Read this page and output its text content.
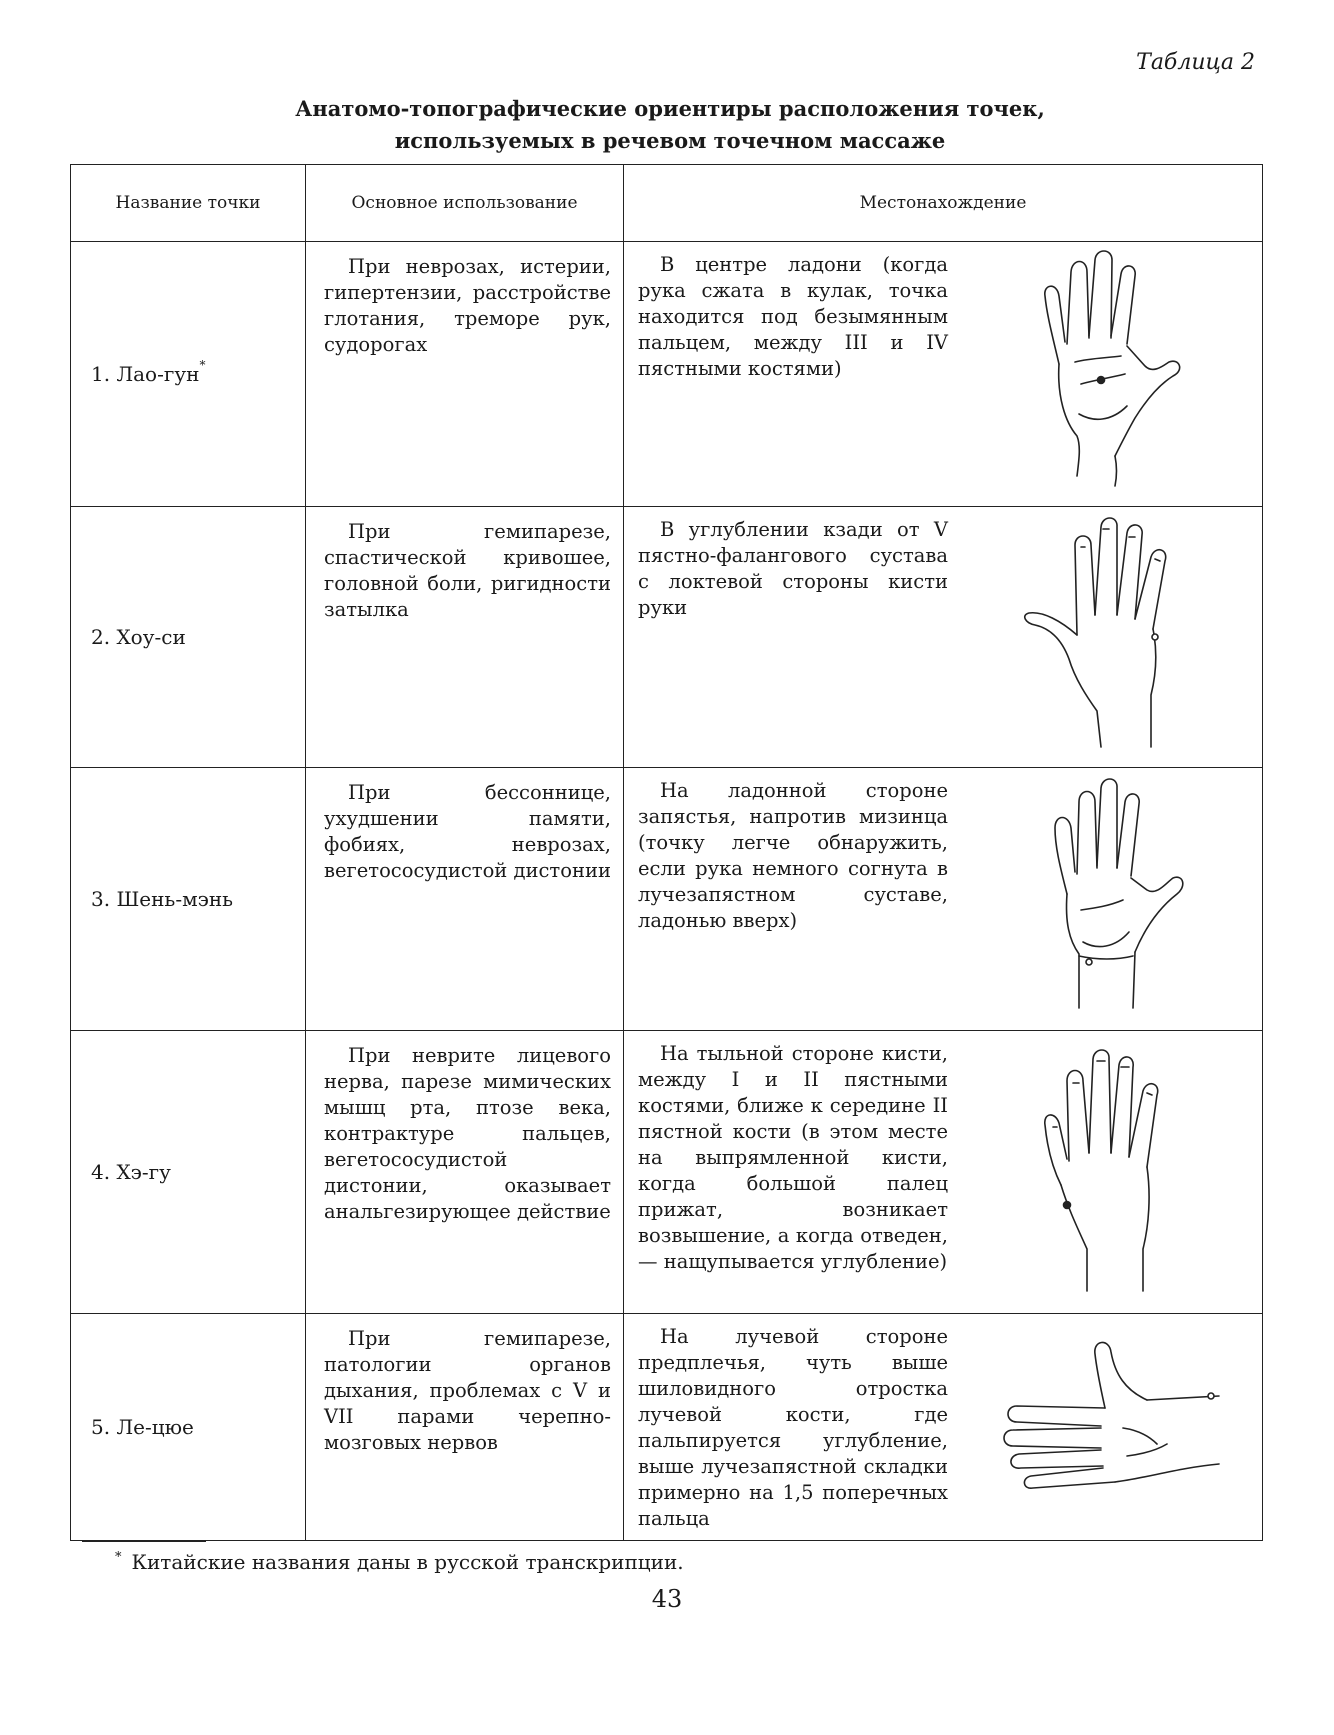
Таблица 2
Анатомо-топографические ориентиры расположения точек,
используемых в речевом точечном массаже
Название точки	Основное использование	Местонахождение
1. Лао-гун*	При неврозах, истерии, гипертензии, расстройстве глотания, треморе рук, судорогах	В центре ладони (когда рука сжата в кулак, точка находится под безымянным пальцем, между III и IV пястными костями)

2. Хоу-си	При гемипарезе, спастической кривошее, головной боли, ригидности затылка	В углублении кзади от V пястно-фалангового сустава с локтевой стороны кисти руки

3. Шень-мэнь	При бессоннице, ухудшении памяти, фобиях, неврозах, вегетососудистой дистонии	На ладонной стороне запястья, напротив мизинца (точку легче обнаружить, если рука немного согнута в лучезапястном суставе, ладонью вверх)

4. Хэ-гу	При неврите лицевого нерва, парезе мимических мышц рта, птозе века, контрактуре пальцев, вегетососудистой дистонии, оказывает анальгезирующее действие	На тыльной стороне кисти, между I и II пястными костями, ближе к середине II пястной кости (в этом месте на выпрямленной кисти, когда большой палец прижат, возникает возвышение, а когда отведен, — нащупывается углубление)

5. Ле-цюе	При гемипарезе, патологии органов дыхания, проблемах с V и VII парами черепно-мозговых нервов	На лучевой стороне предплечья, чуть выше шиловидного отростка лучевой кости, где пальпируется углубление, выше лучезапястной складки примерно на 1,5 поперечных пальца
* Китайские названия даны в русской транскрипции.
43
